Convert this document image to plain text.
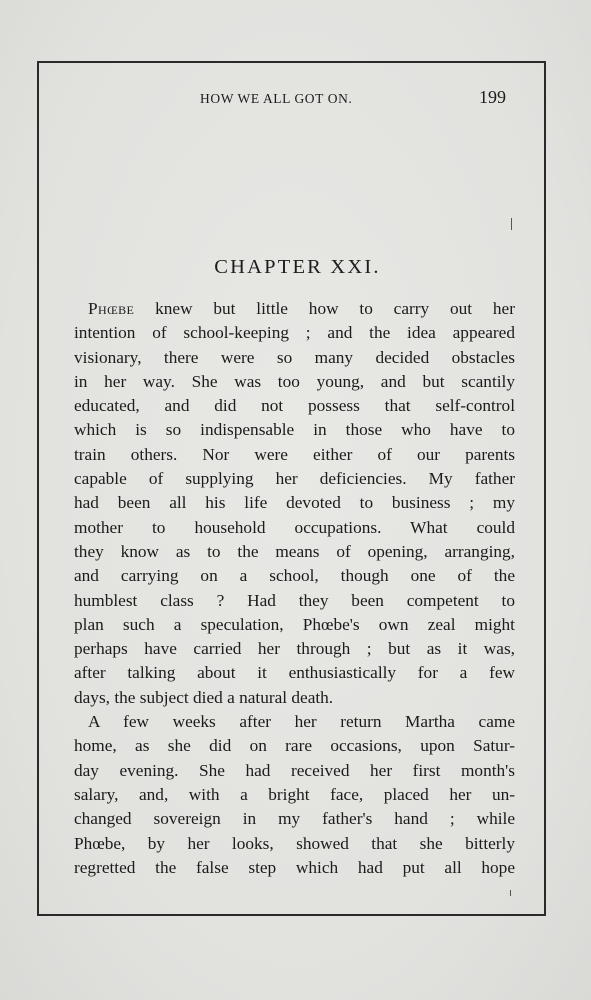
HOW WE ALL GOT ON.	199
CHAPTER XXI.
Phœbe knew but little how to carry out her
intention of school-keeping ; and the idea appeared
visionary, there were so many decided obstacles
in her way. She was too young, and but scantily
educated, and did not possess that self-control
which is so indispensable in those who have to
train others. Nor were either of our parents
capable of supplying her deficiencies. My father
had been all his life devoted to business ; my
mother to household occupations. What could
they know as to the means of opening, arranging,
and carrying on a school, though one of the
humblest class ? Had they been competent to
plan such a speculation, Phœbe's own zeal might
perhaps have carried her through ; but as it was,
after talking about it enthusiastically for a few
days, the subject died a natural death.
A few weeks after her return Martha came
home, as she did on rare occasions, upon Satur-
day evening. She had received her first month's
salary, and, with a bright face, placed her un-
changed sovereign in my father's hand ; while
Phœbe, by her looks, showed that she bitterly
regretted the false step which had put all hope
